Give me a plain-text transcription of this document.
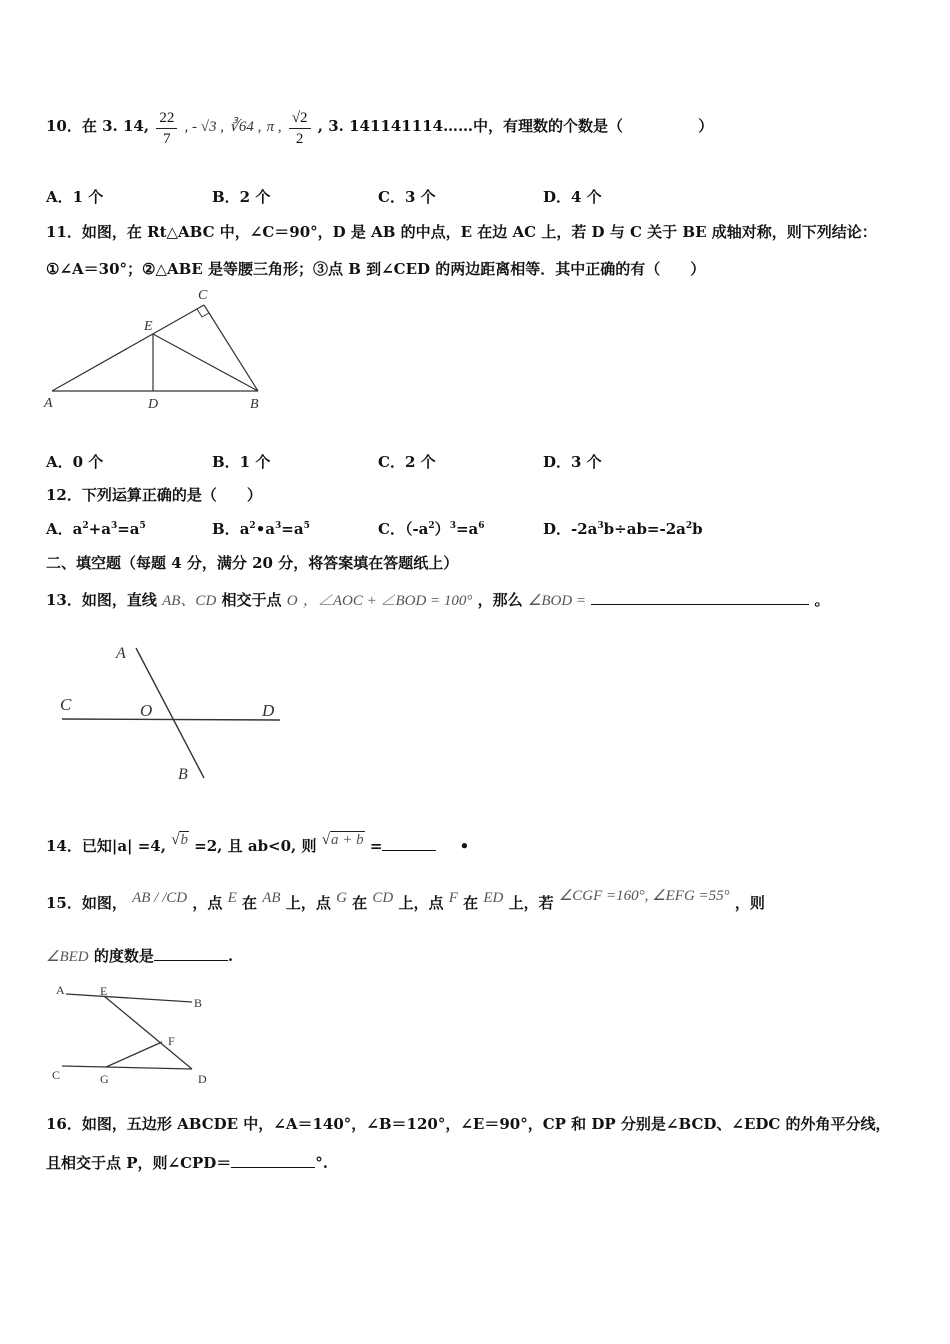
10．在 3. 14, $\frac{22}{7}$ , - √3 , ∛64 , π , $\frac{√2}{2}$ , 3. 141141114……中，有理数的个数是（	）
A．1 个	B．2 个	C．3 个	D．4 个
11．如图，在 Rt△ABC 中，∠C＝90°，D 是 AB 的中点，E 在边 AC 上，若 D 与 C 关于 BE 成轴对称，则下列结论：
①∠A＝30°；②△ABE 是等腰三角形；③点 B 到∠CED 的两边距离相等．其中正确的有（　　）
A	D	B
C
E
A．0 个	B．1 个	C．2 个	D．3 个
12．下列运算正确的是（　　）
A．$a^2+a^3=a^5$	B．$a^2•a^3=a^5$	C．$(-a^2)^3=a^6$	D．$-2a^3b\div ab=-2a^2b$
二、填空题（每题 4 分，满分 20 分，将答案填在答题纸上）
13．如图，直线 AB、CD 相交于点 O ，∠AOC + ∠BOD = 100° ，那么 ∠BOD =	。
A
B
C	D
O
14．已知|a| =4, √b =2, 且 ab<0, 则 √a + b =	•
15．如图， AB / /CD ，点 E 在 AB 上，点 G 在 CD 上，点 F 在 ED 上，若 ∠CGF =160°, ∠EFG =55° ，则
∠BED 的度数是	.
A	E
B
F
C	G	D
16．如图，五边形 ABCDE 中，∠A＝140°，∠B＝120°，∠E＝90°，CP 和 DP 分别是∠BCD、∠EDC 的外角平分线，
且相交于点 P，则∠CPD＝	°.
